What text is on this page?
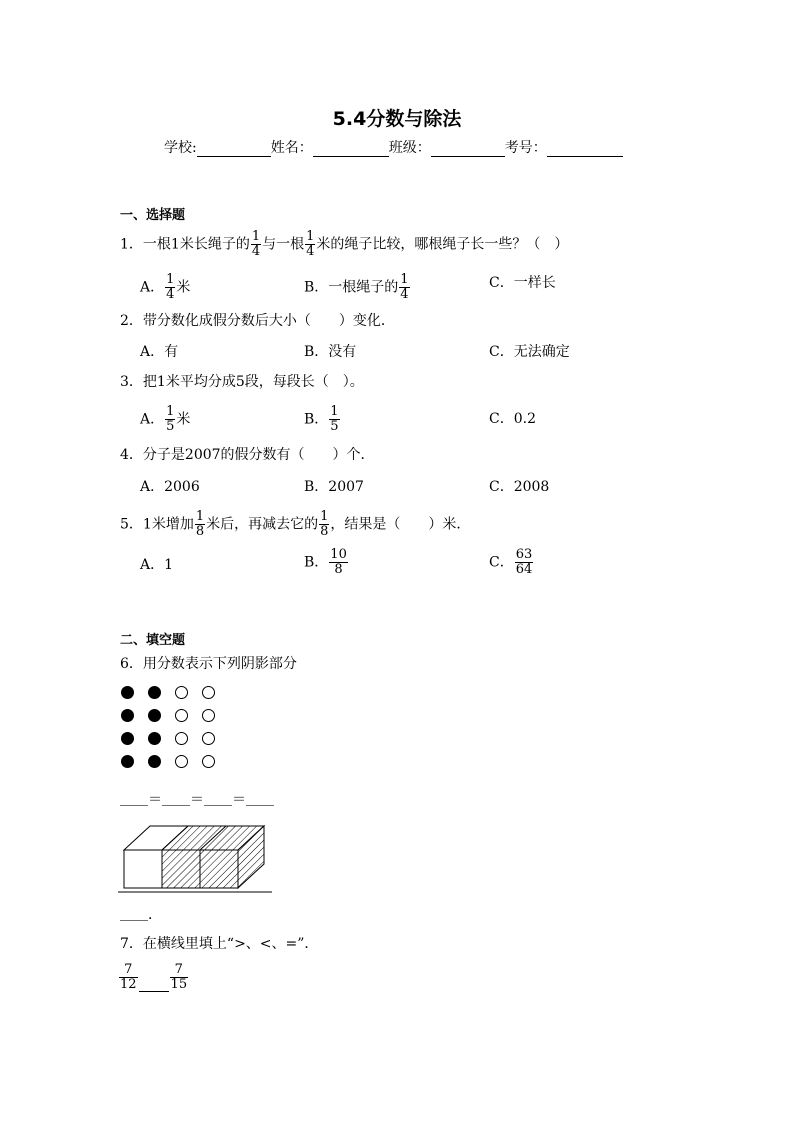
5.4分数与除法
学校:	姓名：	班级：	考号：
一、选择题
1．一根1米长绳子的 $\frac{1}{4}$ 与一根 $\frac{1}{4}$ 米的绳子比较，哪根绳子长一些？（　）
A． $\frac{1}{4}$ 米	B．一根绳子的 $\frac{1}{4}$	C．一样长
2．带分数化成假分数后大小（　　）变化．
A．有	B．没有	C．无法确定
3．把1米平均分成5段，每段长（　）。
A． $\frac{1}{5}$ 米	B． $\frac{1}{5}$	C．0.2
4．分子是2007的假分数有（　　）个．
A．2006	B．2007	C．2008
5．1米增加 $\frac{1}{8}$ 米后，再减去它的 $\frac{1}{8}$ ，结果是（　　）米．
A．1	B． $\frac{10}{8}$	C． $\frac{63}{64}$
二、填空题
6．用分数表示下列阴影部分
＿＿＝＿＿＝＿＿＝＿＿
＿＿．
7．在横线里填上“>、<、=”．
$\frac{7}{12} \frac{7}{15}$
